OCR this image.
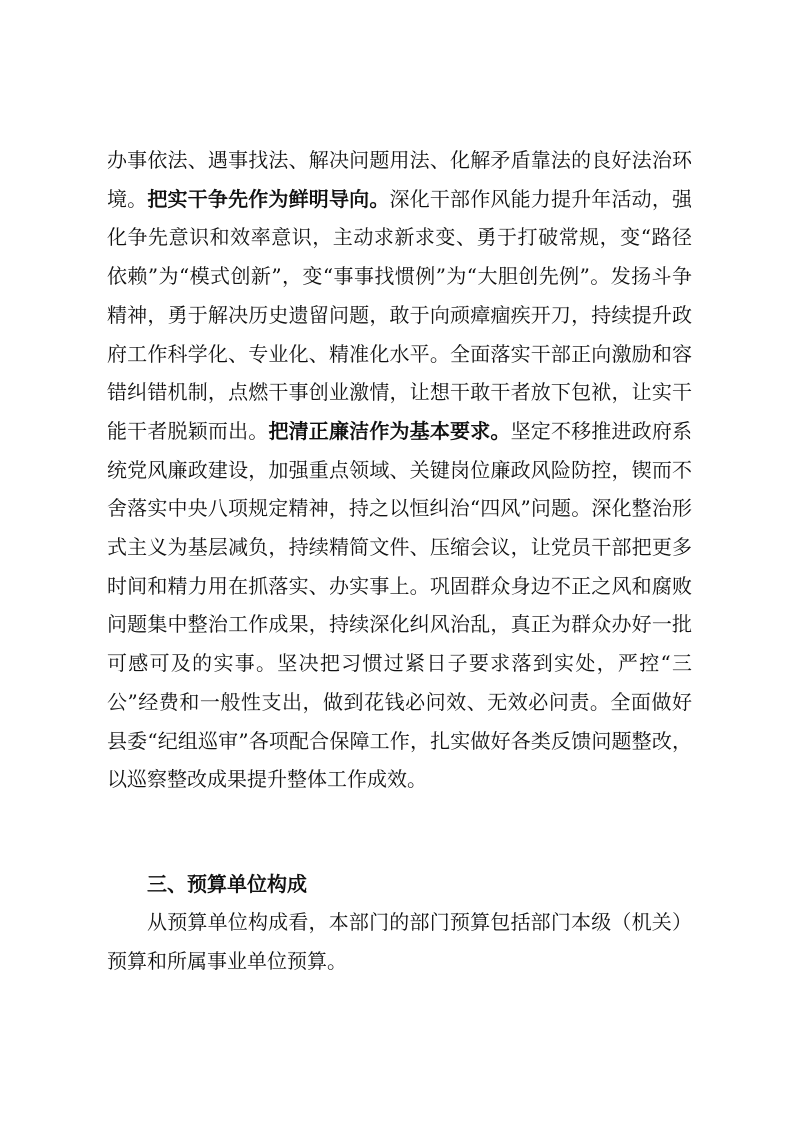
办事依法、遇事找法、解决问题用法、化解矛盾靠法的良好法治环境。把实干争先作为鲜明导向。深化干部作风能力提升年活动，强化争先意识和效率意识，主动求新求变、勇于打破常规，变“路径依赖”为“模式创新”，变“事事找惯例”为“大胆创先例”。发扬斗争精神，勇于解决历史遗留问题，敢于向顽瘴痼疾开刀，持续提升政府工作科学化、专业化、精准化水平。全面落实干部正向激励和容错纠错机制，点燃干事创业激情，让想干敢干者放下包袱，让实干能干者脱颖而出。把清正廉洁作为基本要求。坚定不移推进政府系统党风廉政建设，加强重点领域、关键岗位廉政风险防控，锲而不舍落实中央八项规定精神，持之以恒纠治“四风”问题。深化整治形式主义为基层减负，持续精简文件、压缩会议，让党员干部把更多时间和精力用在抓落实、办实事上。巩固群众身边不正之风和腐败问题集中整治工作成果，持续深化纠风治乱，真正为群众办好一批可感可及的实事。坚决把习惯过紧日子要求落到实处，严控“三公”经费和一般性支出，做到花钱必问效、无效必问责。全面做好县委“纪组巡审”各项配合保障工作，扎实做好各类反馈问题整改，以巡察整改成果提升整体工作成效。

三、预算单位构成

从预算单位构成看，本部门的部门预算包括部门本级（机关）预算和所属事业单位预算。
